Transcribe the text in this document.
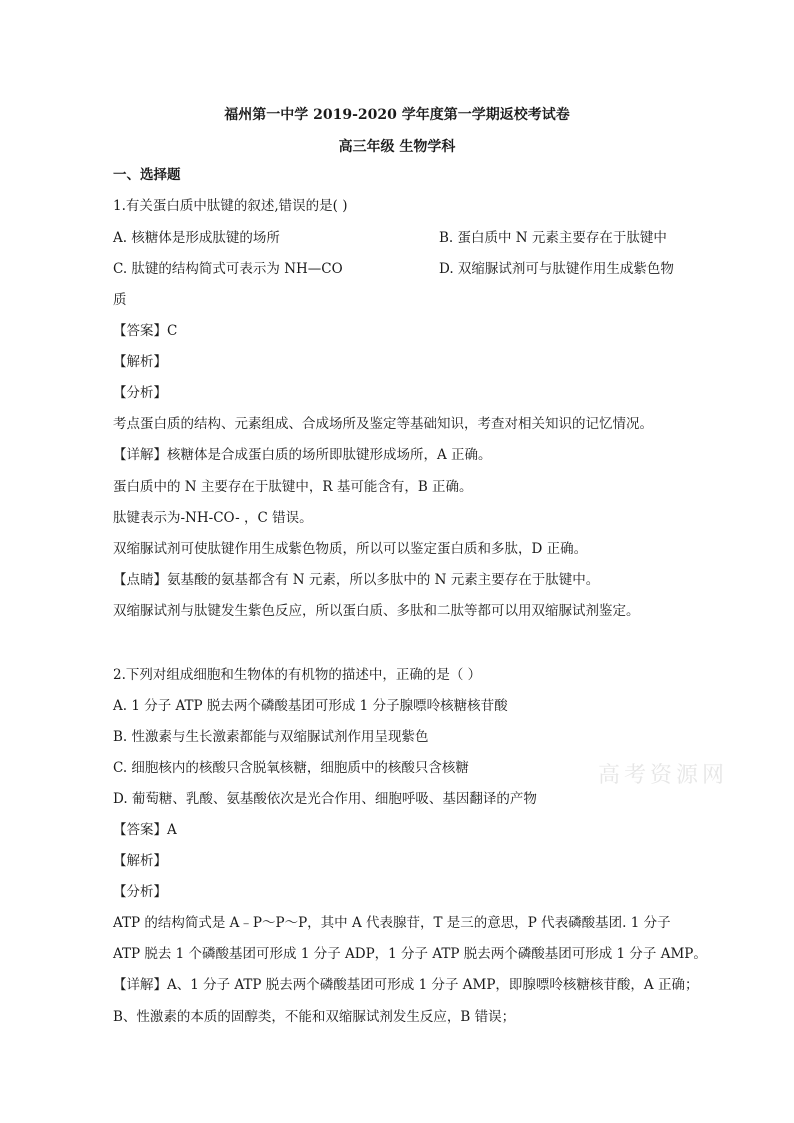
福州第一中学 2019-2020 学年度第一学期返校考试卷
高三年级 生物学科
一、选择题
1.有关蛋白质中肽键的叙述,错误的是( )
A. 核糖体是形成肽键的场所	B. 蛋白质中 N 元素主要存在于肽键中
C. 肽键的结构简式可表示为 NH—CO	D. 双缩脲试剂可与肽键作用生成紫色物
质
【答案】C
【解析】
【分析】
考点蛋白质的结构、元素组成、合成场所及鉴定等基础知识，考查对相关知识的记忆情况。
【详解】核糖体是合成蛋白质的场所即肽键形成场所，A 正确。
蛋白质中的 N 主要存在于肽键中，R 基可能含有，B 正确。
肽键表示为-NH-CO- ，C 错误。
双缩脲试剂可使肽键作用生成紫色物质，所以可以鉴定蛋白质和多肽，D 正确。
【点睛】氨基酸的氨基都含有 N 元素，所以多肽中的 N 元素主要存在于肽键中。
双缩脲试剂与肽键发生紫色反应，所以蛋白质、多肽和二肽等都可以用双缩脲试剂鉴定。
2.下列对组成细胞和生物体的有机物的描述中，正确的是（ ）
A. 1 分子 ATP 脱去两个磷酸基团可形成 1 分子腺嘌呤核糖核苷酸
B. 性激素与生长激素都能与双缩脲试剂作用呈现紫色
C. 细胞核内的核酸只含脱氧核糖，细胞质中的核酸只含核糖
D. 葡萄糖、乳酸、氨基酸依次是光合作用、细胞呼吸、基因翻译的产物
【答案】A
【解析】
【分析】
ATP 的结构简式是 A﹣P～P～P，其中 A 代表腺苷，T 是三的意思，P 代表磷酸基团. 1 分子
ATP 脱去 1 个磷酸基团可形成 1 分子 ADP，1 分子 ATP 脱去两个磷酸基团可形成 1 分子 AMP。
【详解】A、1 分子 ATP 脱去两个磷酸基团可形成 1 分子 AMP，即腺嘌呤核糖核苷酸，A 正确；
B、性激素的本质的固醇类，不能和双缩脲试剂发生反应，B 错误；
高考资源网
